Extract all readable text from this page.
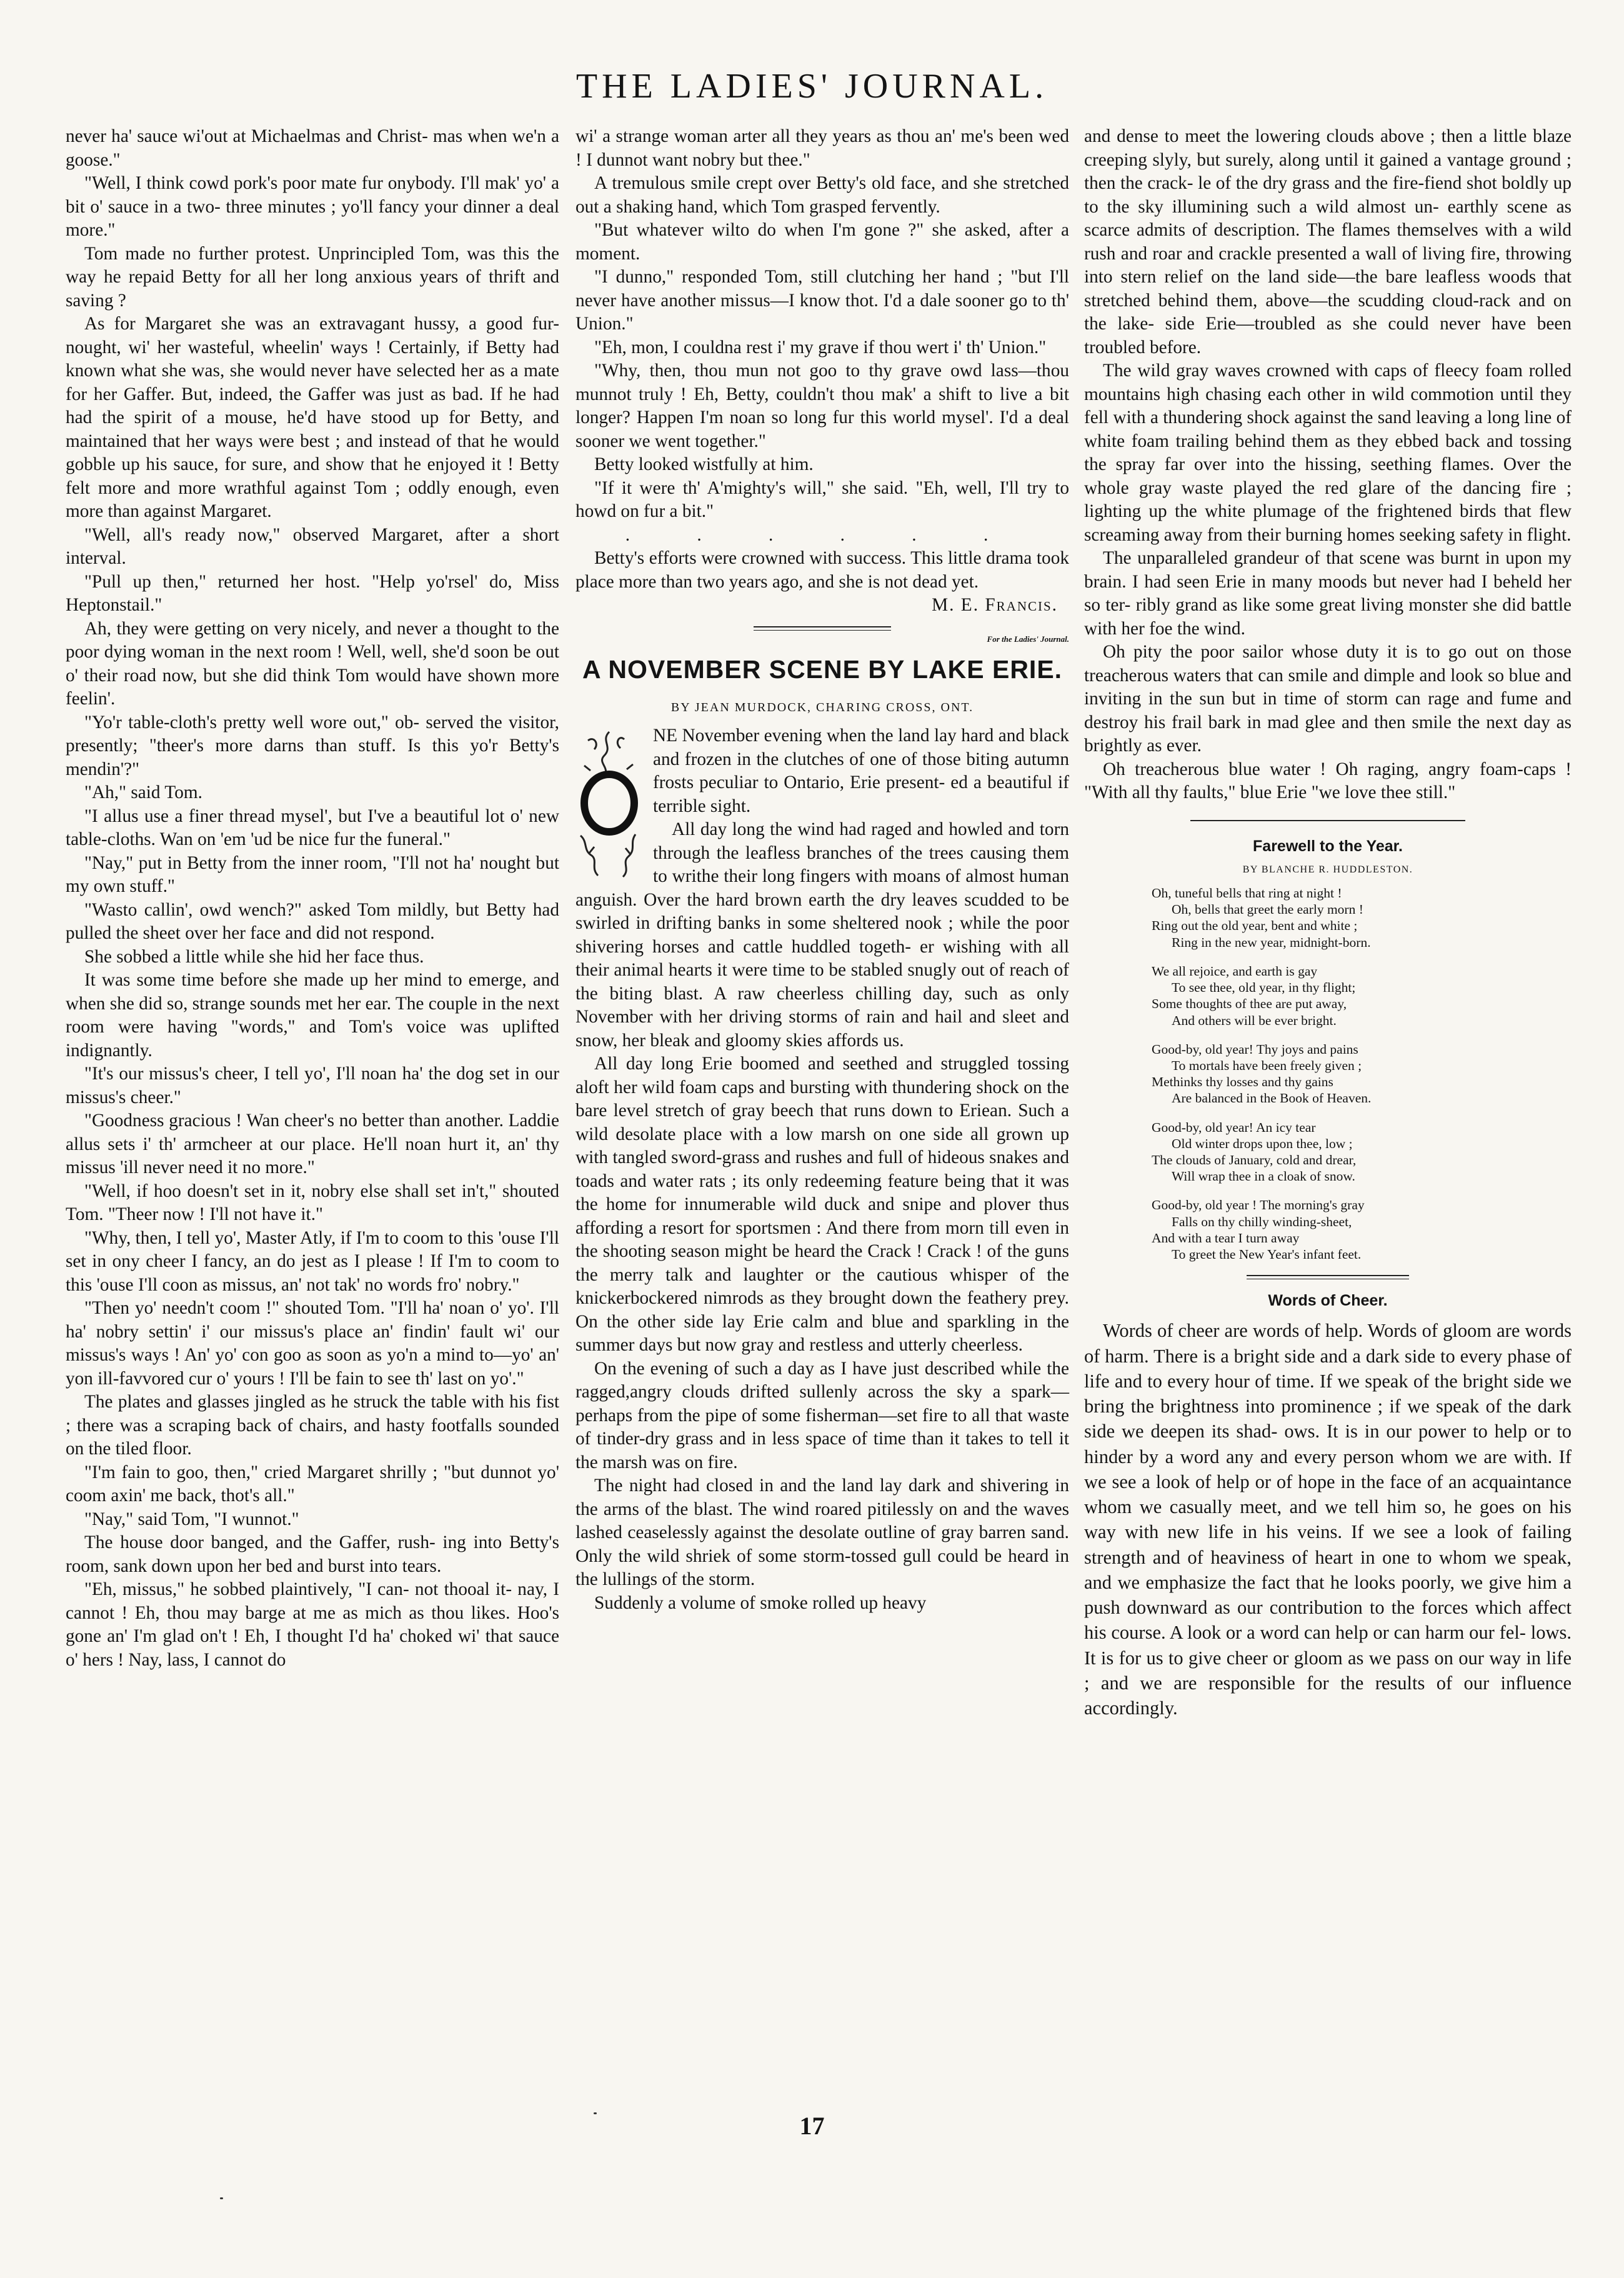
THE LADIES' JOURNAL.

never ha' sauce wi'out at Michaelmas and Christ- mas when we'n a goose."

"Well, I think cowd pork's poor mate fur onybody. I'll mak' yo' a bit o' sauce in a two- three minutes ; yo'll fancy your dinner a deal more."

Tom made no further protest. Unprincipled Tom, was this the way he repaid Betty for all her long anxious years of thrift and saving ?

As for Margaret she was an extravagant hussy, a good fur-nought, wi' her wasteful, wheelin' ways ! Certainly, if Betty had known what she was, she would never have selected her as a mate for her Gaffer. But, indeed, the Gaffer was just as bad. If he had had the spirit of a mouse, he'd have stood up for Betty, and maintained that her ways were best ; and instead of that he would gobble up his sauce, for sure, and show that he enjoyed it ! Betty felt more and more wrathful against Tom ; oddly enough, even more than against Margaret.

"Well, all's ready now," observed Margaret, after a short interval.

"Pull up then," returned her host. "Help yo'rsel' do, Miss Heptonstail."

Ah, they were getting on very nicely, and never a thought to the poor dying woman in the next room ! Well, well, she'd soon be out o' their road now, but she did think Tom would have shown more feelin'.

"Yo'r table-cloth's pretty well wore out," ob- served the visitor, presently; "theer's more darns than stuff. Is this yo'r Betty's mendin'?"

"Ah," said Tom.

"I allus use a finer thread mysel', but I've a beautiful lot o' new table-cloths. Wan on 'em 'ud be nice fur the funeral."

"Nay," put in Betty from the inner room, "I'll not ha' nought but my own stuff."

"Wasto callin', owd wench?" asked Tom mildly, but Betty had pulled the sheet over her face and did not respond.

She sobbed a little while she hid her face thus.

It was some time before she made up her mind to emerge, and when she did so, strange sounds met her ear. The couple in the next room were having "words," and Tom's voice was uplifted indignantly.

"It's our missus's cheer, I tell yo', I'll noan ha' the dog set in our missus's cheer."

"Goodness gracious ! Wan cheer's no better than another. Laddie allus sets i' th' armcheer at our place. He'll noan hurt it, an' thy missus 'ill never need it no more."

"Well, if hoo doesn't set in it, nobry else shall set in't," shouted Tom. "Theer now ! I'll not have it."

"Why, then, I tell yo', Master Atly, if I'm to coom to this 'ouse I'll set in ony cheer I fancy, an do jest as I please ! If I'm to coom to this 'ouse I'll coon as missus, an' not tak' no words fro' nobry."

"Then yo' needn't coom !" shouted Tom. "I'll ha' noan o' yo'. I'll ha' nobry settin' i' our missus's place an' findin' fault wi' our missus's ways ! An' yo' con goo as soon as yo'n a mind to—yo' an' yon ill-favvored cur o' yours ! I'll be fain to see th' last on yo'."

The plates and glasses jingled as he struck the table with his fist ; there was a scraping back of chairs, and hasty footfalls sounded on the tiled floor.

"I'm fain to goo, then," cried Margaret shrilly ; "but dunnot yo' coom axin' me back, thot's all."

"Nay," said Tom, "I wunnot."

The house door banged, and the Gaffer, rush- ing into Betty's room, sank down upon her bed and burst into tears.

"Eh, missus," he sobbed plaintively, "I can- not thooal it- nay, I cannot ! Eh, thou may barge at me as mich as thou likes. Hoo's gone an' I'm glad on't ! Eh, I thought I'd ha' choked wi' that sauce o' hers ! Nay, lass, I cannot do

wi' a strange woman arter all they years as thou an' me's been wed ! I dunnot want nobry but thee."

A tremulous smile crept over Betty's old face, and she stretched out a shaking hand, which Tom grasped fervently.

"But whatever wilto do when I'm gone ?" she asked, after a moment.

"I dunno," responded Tom, still clutching her hand ; "but I'll never have another missus—I know thot. I'd a dale sooner go to th' Union."

"Eh, mon, I couldna rest i' my grave if thou wert i' th' Union."

"Why, then, thou mun not goo to thy grave owd lass—thou munnot truly ! Eh, Betty, couldn't thou mak' a shift to live a bit longer? Happen I'm noan so long fur this world mysel'. I'd a deal sooner we went together."

Betty looked wistfully at him.

"If it were th' A'mighty's will," she said. "Eh, well, I'll try to howd on fur a bit."

. . . . . .

Betty's efforts were crowned with success. This little drama took place more than two years ago, and she is not dead yet.

M. E. Francis.

For the Ladies' Journal.
A NOVEMBER SCENE BY LAKE ERIE.
BY JEAN MURDOCK, CHARING CROSS, ONT.

O
NE November evening when the land lay hard and black and frozen in the clutches of one of those biting autumn frosts peculiar to Ontario, Erie present- ed a beautiful if terrible sight.

All day long the wind had raged and howled and torn through the leafless branches of the trees causing them to writhe their long fingers with moans of almost human anguish. Over the hard brown earth the dry leaves scudded to be swirled in drifting banks in some sheltered nook ; while the poor shivering horses and cattle huddled togeth- er wishing with all their animal hearts it were time to be stabled snugly out of reach of the biting blast. A raw cheerless chilling day, such as only November with her driving storms of rain and hail and sleet and snow, her bleak and gloomy skies affords us.

All day long Erie boomed and seethed and struggled tossing aloft her wild foam caps and bursting with thundering shock on the bare level stretch of gray beech that runs down to Eriean. Such a wild desolate place with a low marsh on one side all grown up with tangled sword-grass and rushes and full of hideous snakes and toads and water rats ; its only redeeming feature being that it was the home for innumerable wild duck and snipe and plover thus affording a resort for sportsmen : And there from morn till even in the shooting season might be heard the Crack ! Crack ! of the guns the merry talk and laughter or the cautious whisper of the knickerbockered nimrods as they brought down the feathery prey. On the other side lay Erie calm and blue and sparkling in the summer days but now gray and restless and utterly cheerless.

On the evening of such a day as I have just described while the ragged,angry clouds drifted sullenly across the sky a spark—perhaps from the pipe of some fisherman—set fire to all that waste of tinder-dry grass and in less space of time than it takes to tell it the marsh was on fire.

The night had closed in and the land lay dark and shivering in the arms of the blast. The wind roared pitilessly on and the waves lashed ceaselessly against the desolate outline of gray barren sand. Only the wild shriek of some storm-tossed gull could be heard in the lullings of the storm.

Suddenly a volume of smoke rolled up heavy

and dense to meet the lowering clouds above ; then a little blaze creeping slyly, but surely, along until it gained a vantage ground ; then the crack- le of the dry grass and the fire-fiend shot boldly up to the sky illumining such a wild almost un- earthly scene as scarce admits of description. The flames themselves with a wild rush and roar and crackle presented a wall of living fire, throwing into stern relief on the land side—the bare leafless woods that stretched behind them, above—the scudding cloud-rack and on the lake- side Erie—troubled as she could never have been troubled before.

The wild gray waves crowned with caps of fleecy foam rolled mountains high chasing each other in wild commotion until they fell with a thundering shock against the sand leaving a long line of white foam trailing behind them as they ebbed back and tossing the spray far over into the hissing, seething flames. Over the whole gray waste played the red glare of the dancing fire ; lighting up the white plumage of the frightened birds that flew screaming away from their burning homes seeking safety in flight.

The unparalleled grandeur of that scene was burnt in upon my brain. I had seen Erie in many moods but never had I beheld her so ter- ribly grand as like some great living monster she did battle with her foe the wind.

Oh pity the poor sailor whose duty it is to go out on those treacherous waters that can smile and dimple and look so blue and inviting in the sun but in time of storm can rage and fume and destroy his frail bark in mad glee and then smile the next day as brightly as ever.

Oh treacherous blue water ! Oh raging, angry foam-caps ! "With all thy faults," blue Erie "we love thee still."

Farewell to the Year.
BY BLANCHE R. HUDDLESTON.
Oh, tuneful bells that ring at night !
Oh, bells that greet the early morn !
Ring out the old year, bent and white ;
Ring in the new year, midnight-born.
We all rejoice, and earth is gay
To see thee, old year, in thy flight;
Some thoughts of thee are put away,
And others will be ever bright.
Good-by, old year! Thy joys and pains
To mortals have been freely given ;
Methinks thy losses and thy gains
Are balanced in the Book of Heaven.
Good-by, old year! An icy tear
Old winter drops upon thee, low ;
The clouds of January, cold and drear,
Will wrap thee in a cloak of snow.
Good-by, old year ! The morning's gray
Falls on thy chilly winding-sheet,
And with a tear I turn away
To greet the New Year's infant feet.
Words of Cheer.

Words of cheer are words of help. Words of gloom are words of harm. There is a bright side and a dark side to every phase of life and to every hour of time. If we speak of the bright side we bring the brightness into prominence ; if we speak of the dark side we deepen its shad- ows. It is in our power to help or to hinder by a word any and every person whom we are with. If we see a look of help or of hope in the face of an acquaintance whom we casually meet, and we tell him so, he goes on his way with new life in his veins. If we see a look of failing strength and of heaviness of heart in one to whom we speak, and we emphasize the fact that he looks poorly, we give him a push downward as our contribution to the forces which affect his course. A look or a word can help or can harm our fel- lows. It is for us to give cheer or gloom as we pass on our way in life ; and we are responsible for the results of our influence accordingly.

17
